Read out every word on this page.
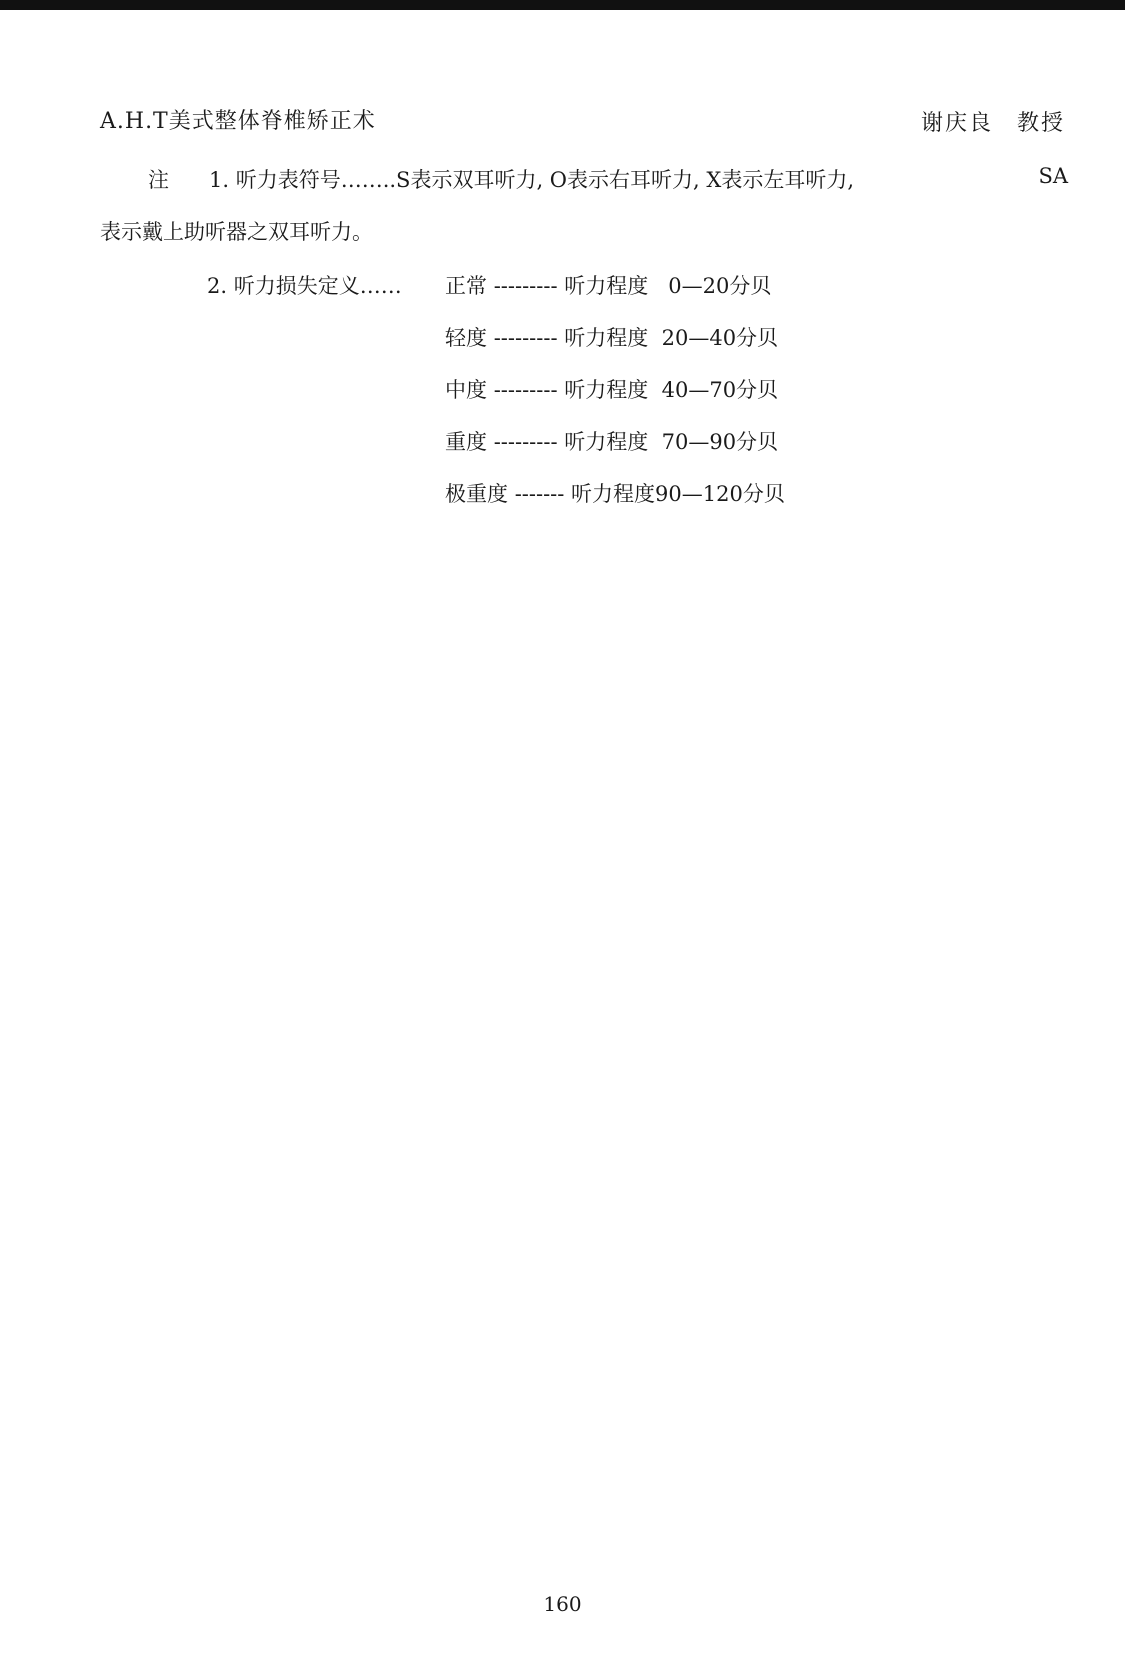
A.H.T美式整体脊椎矫正术	谢庆良　教授
注 1. 听力表符号……..S表示双耳听力, O表示右耳听力, X表示左耳听力,	SA
表示戴上助听器之双耳听力。
2. 听力损失定义…… 正常 --------- 听力程度 0—20分贝
轻度 --------- 听力程度 20—40分贝
中度 --------- 听力程度 40—70分贝
重度 --------- 听力程度 70—90分贝
极重度 ------- 听力程度90—120分贝
160
